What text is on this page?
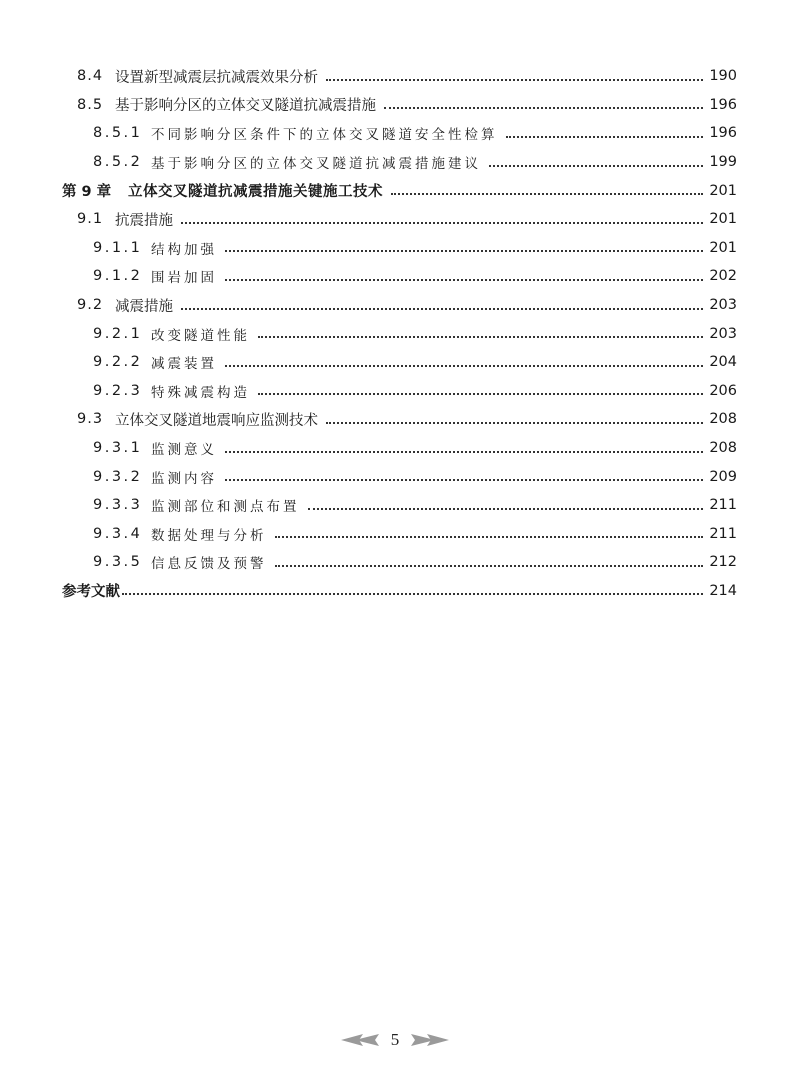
8.4 设置新型减震层抗减震效果分析	190
8.5 基于影响分区的立体交叉隧道抗减震措施	196
8.5.1 不同影响分区条件下的立体交叉隧道安全性检算	196
8.5.2 基于影响分区的立体交叉隧道抗减震措施建议	199
第 9 章	立体交叉隧道抗减震措施关键施工技术	201
9.1 抗震措施	201
9.1.1 结构加强	201
9.1.2 围岩加固	202
9.2 减震措施	203
9.2.1 改变隧道性能	203
9.2.2 减震装置	204
9.2.3 特殊减震构造	206
9.3 立体交叉隧道地震响应监测技术	208
9.3.1 监测意义	208
9.3.2 监测内容	209
9.3.3 监测部位和测点布置	211
9.3.4 数据处理与分析	211
9.3.5 信息反馈及预警	212
参考文献	214
5
